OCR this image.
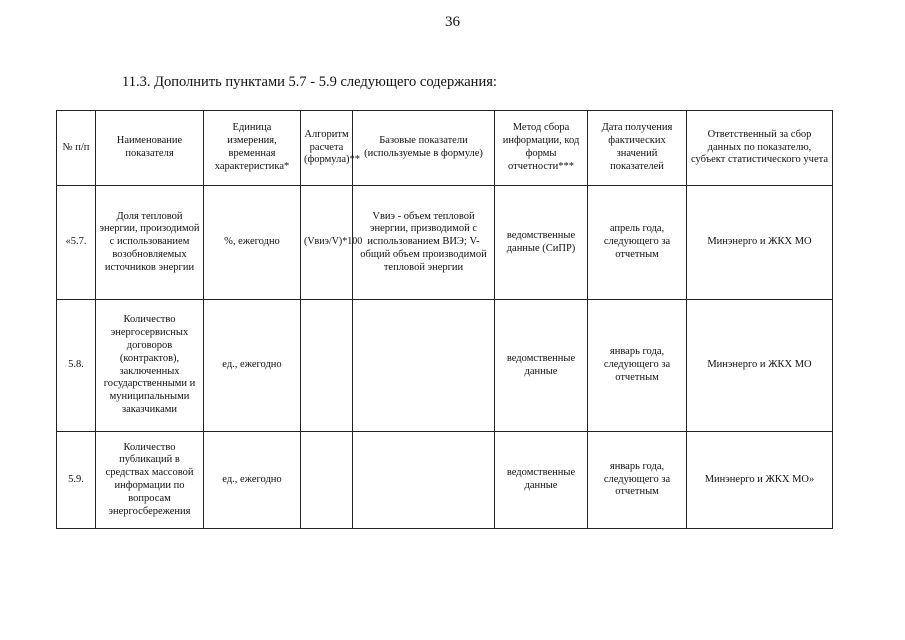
36
11.3. Дополнить пунктами 5.7 - 5.9 следующего содержания:
№ п/п	Наименование показателя	Единица измерения, временная характеристика*	Алгоритм расчета (формула)**	Базовые показатели (используемые в формуле)	Метод сбора информации, код формы отчетности***	Дата получения фактических значений показателей	Ответственный за сбор данных по показателю, субъект статистического учета
«5.7.	Доля тепловой энергии, произодимой с использованием возобновляемых источников энергии	%, ежегодно	(Vвиэ/V)*100	Vвиэ - объем тепловой энергии, призводимой с использованием ВИЭ; V- общий объем производимой тепловой энергии	ведомственные данные (СиПР)	апрель года, следующего за отчетным	Минэнерго и ЖКХ МО
5.8.	Количество энергосервисных договоров (контрактов), заключенных государственными и муниципальными заказчиками	ед., ежегодно			ведомственные данные	январь года, следующего за отчетным	Минэнерго и ЖКХ МО
5.9.	Количество публикаций в средствах массовой информации по вопросам энергосбережения	ед., ежегодно			ведомственные данные	январь года, следующего за отчетным	Минэнерго и ЖКХ МО»
